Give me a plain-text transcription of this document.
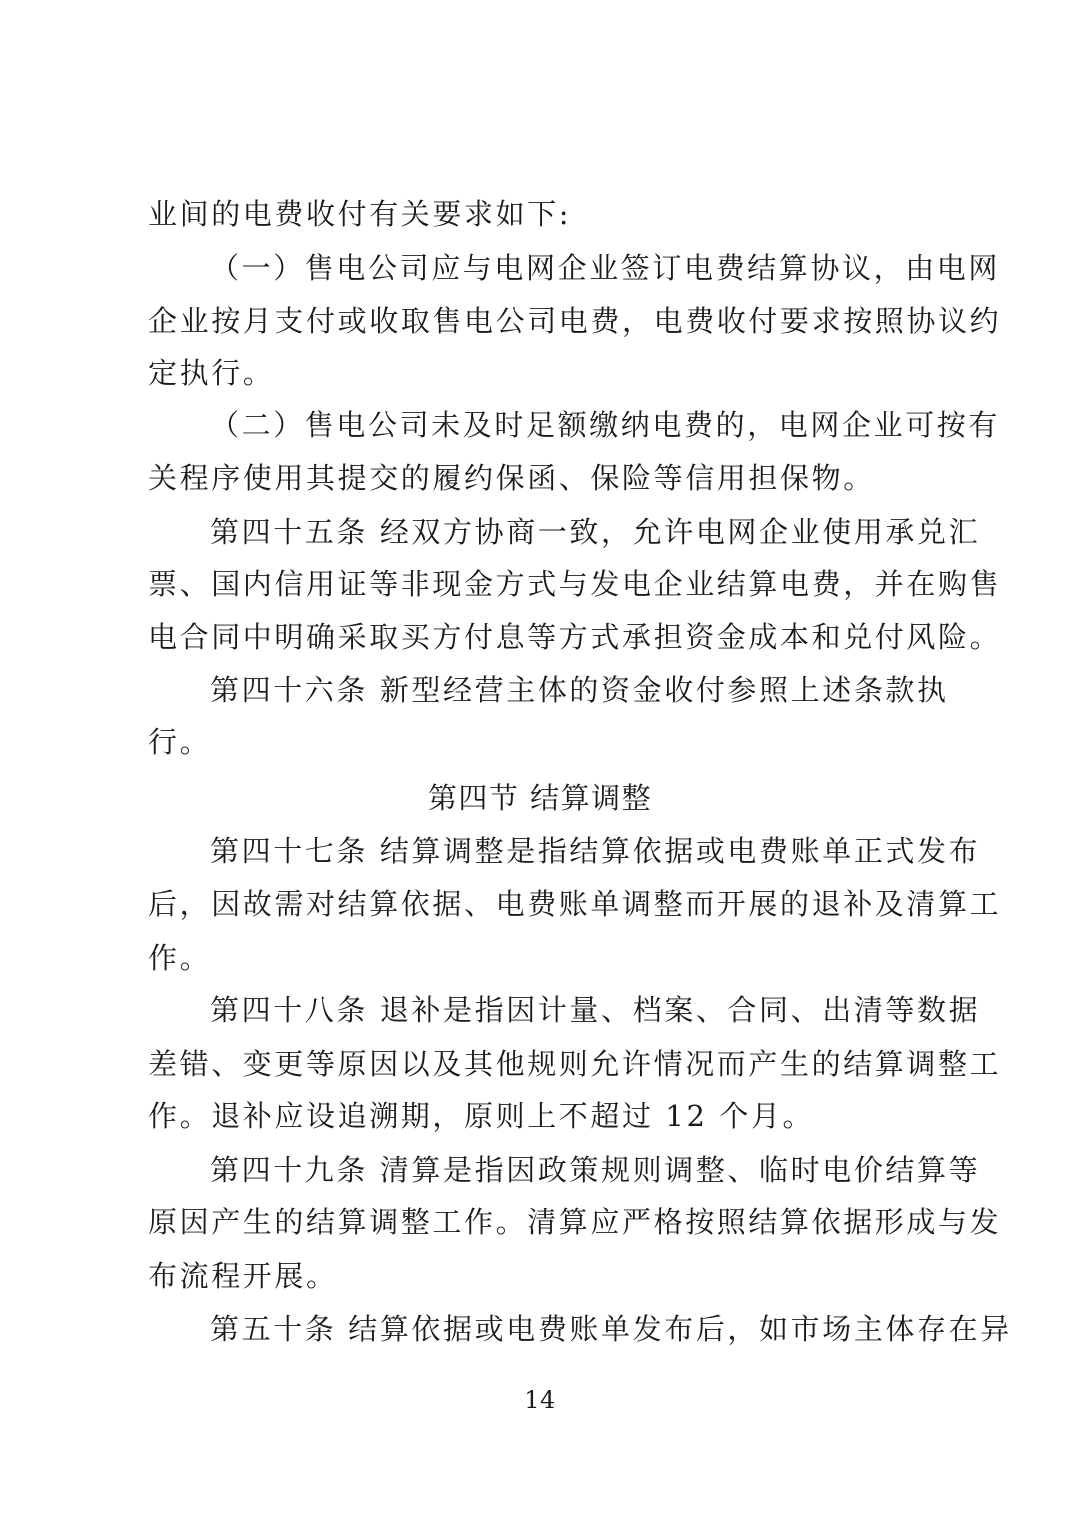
业间的电费收付有关要求如下:
（一）售电公司应与电网企业签订电费结算协议，由电网
企业按月支付或收取售电公司电费，电费收付要求按照协议约
定执行。
（二）售电公司未及时足额缴纳电费的，电网企业可按有
关程序使用其提交的履约保函、保险等信用担保物。
第四十五条 经双方协商一致，允许电网企业使用承兑汇
票、国内信用证等非现金方式与发电企业结算电费，并在购售
电合同中明确采取买方付息等方式承担资金成本和兑付风险。
第四十六条 新型经营主体的资金收付参照上述条款执
行。
第四节 结算调整
第四十七条 结算调整是指结算依据或电费账单正式发布
后，因故需对结算依据、电费账单调整而开展的退补及清算工
作。
第四十八条 退补是指因计量、档案、合同、出清等数据
差错、变更等原因以及其他规则允许情况而产生的结算调整工
作。退补应设追溯期，原则上不超过 12 个月。
第四十九条 清算是指因政策规则调整、临时电价结算等
原因产生的结算调整工作。清算应严格按照结算依据形成与发
布流程开展。
第五十条 结算依据或电费账单发布后，如市场主体存在异
14
